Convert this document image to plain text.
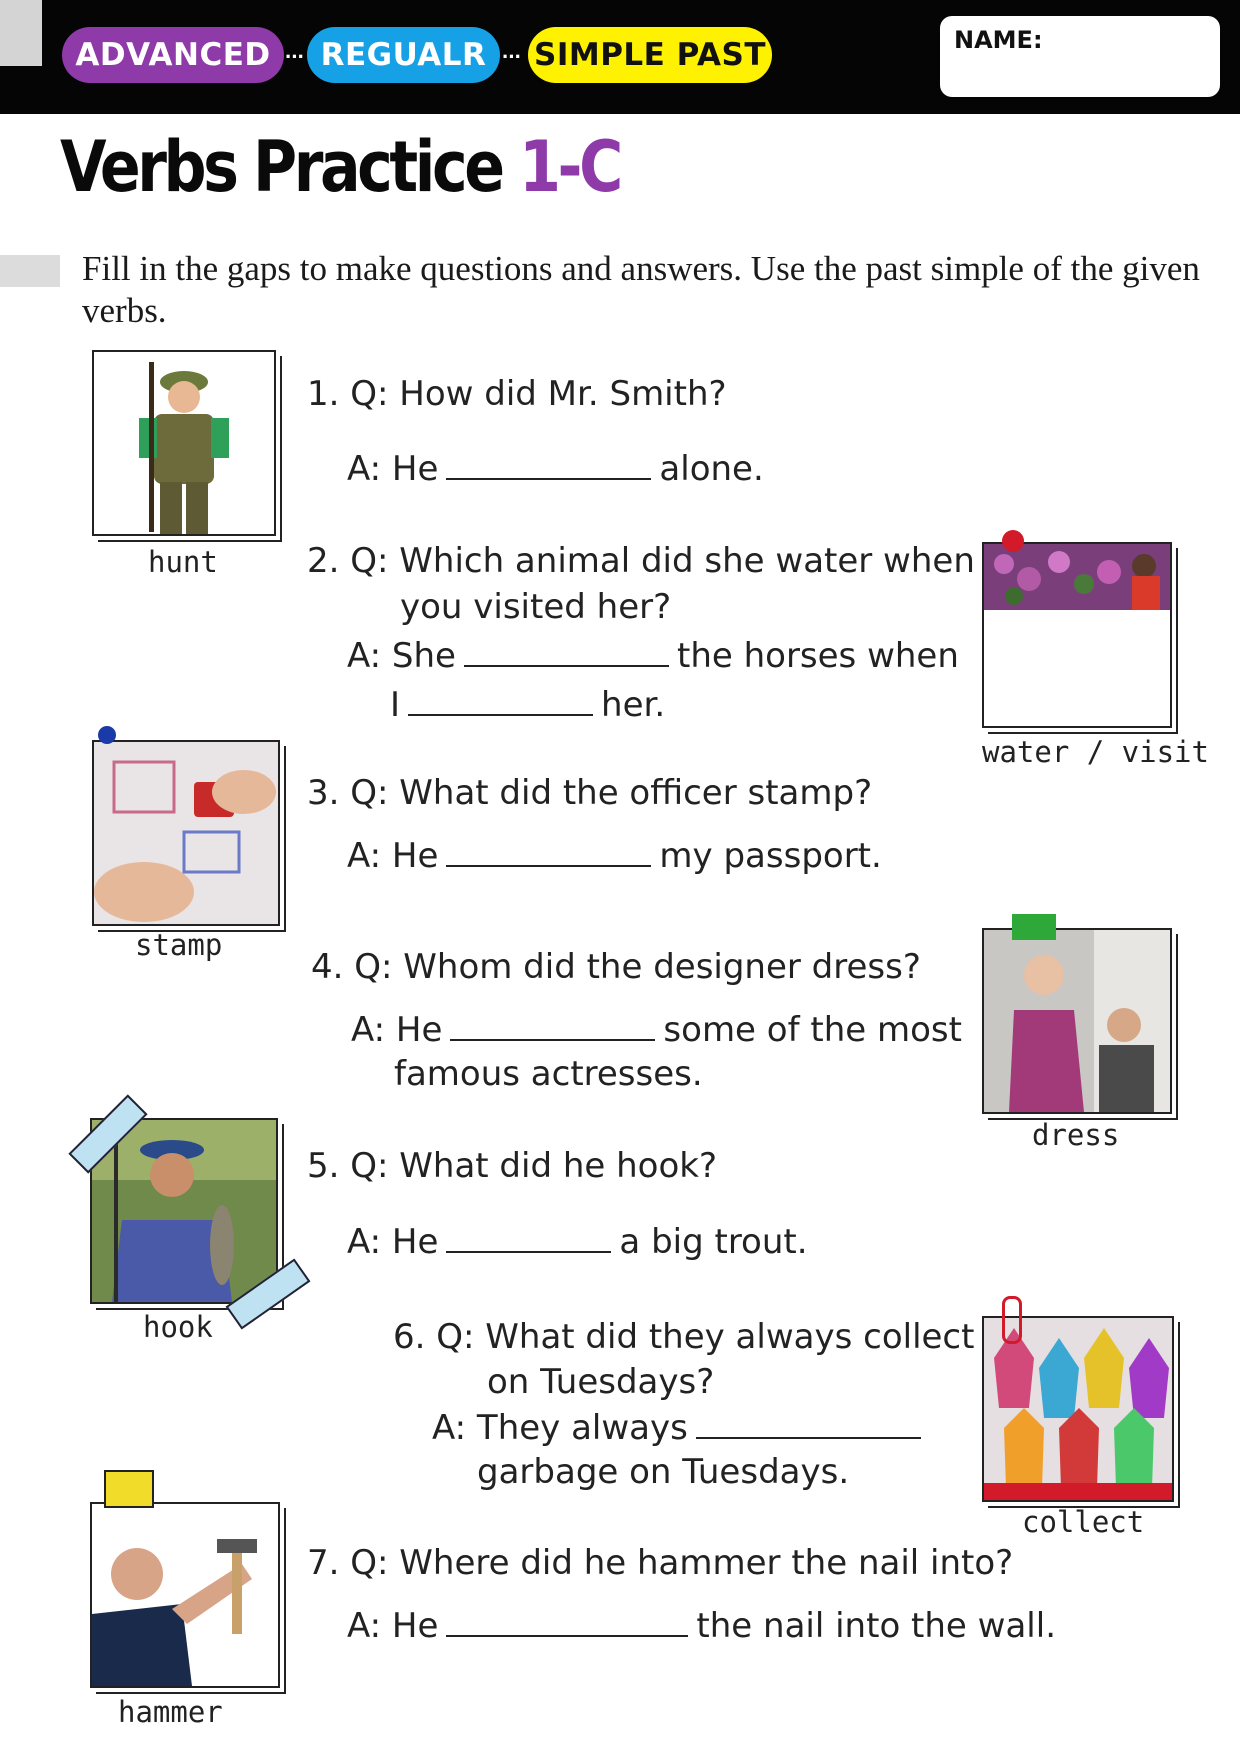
ADVANCED ··· REGUALR ··· SIMPLE PAST	NAME:
Verbs Practice 1-C
Fill in the gaps to make questions and answers. Use the past simple of the given verbs.
hunt
1. Q: How did Mr. Smith?
A: He	alone.
water / visit
2. Q: Which animal did she water when
you visited her?
A: She	the horses when
I	her.
stamp
3. Q: What did the officer stamp?
A: He	my passport.
dress
4. Q: Whom did the designer dress?
A: He	some of the most
famous actresses.
hook
5. Q: What did he hook?
A: He	a big trout.
collect
6. Q: What did they always collect
on Tuesdays?
A: They always
garbage on Tuesdays.
hammer
7. Q: Where did he hammer the nail into?
A: He	the nail into the wall.
